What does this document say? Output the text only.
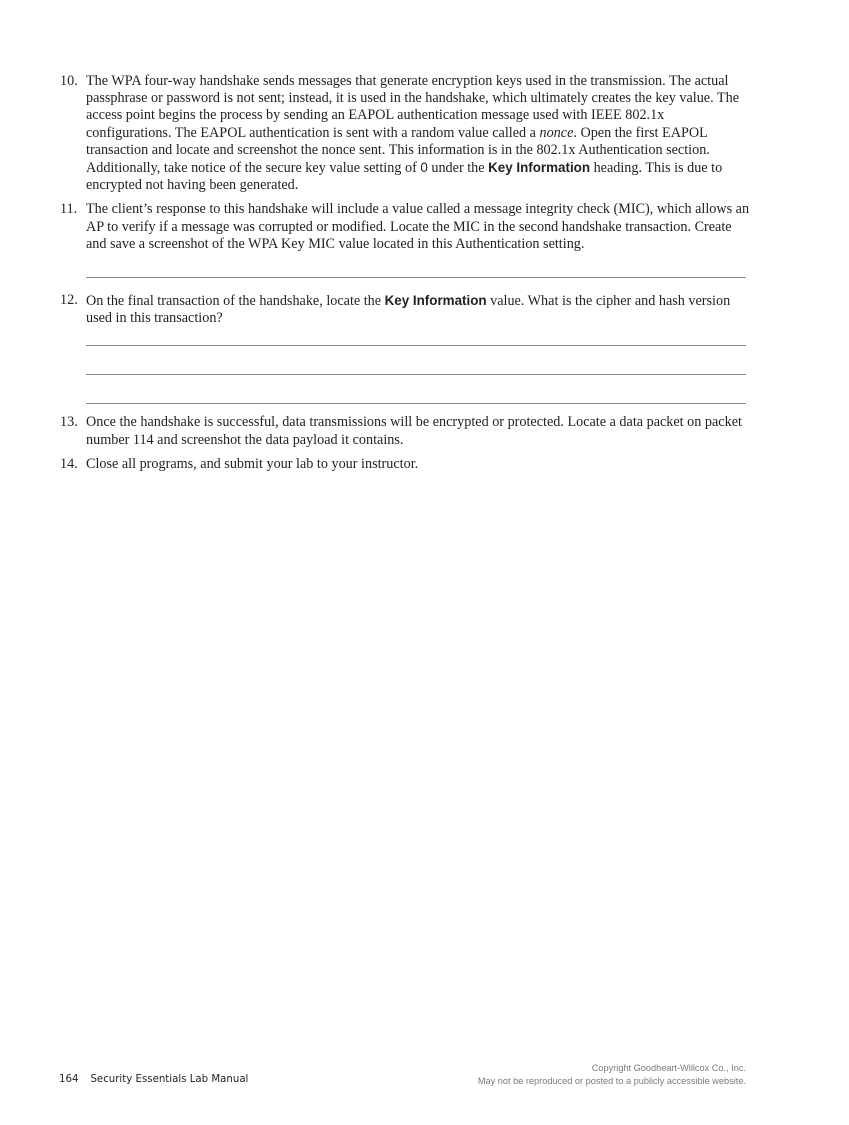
10. The WPA four-way handshake sends messages that generate encryption keys used in the transmission. The actual passphrase or password is not sent; instead, it is used in the handshake, which ultimately creates the key value. The access point begins the process by sending an EAPOL authentication message used with IEEE 802.1x configurations. The EAPOL authentication is sent with a random value called a nonce. Open the first EAPOL transaction and locate and screenshot the nonce sent. This information is in the 802.1x Authentication section. Additionally, take notice of the secure key value setting of 0 under the Key Information heading. This is due to encrypted not having been generated.
11. The client’s response to this handshake will include a value called a message integrity check (MIC), which allows an AP to verify if a message was corrupted or modified. Locate the MIC in the second handshake transaction. Create and save a screenshot of the WPA Key MIC value located in this Authentication setting.
12. On the final transaction of the handshake, locate the Key Information value. What is the cipher and hash version used in this transaction?
13. Once the handshake is successful, data transmissions will be encrypted or protected. Locate a data packet on packet number 114 and screenshot the data payload it contains.
14. Close all programs, and submit your lab to your instructor.
164 Security Essentials Lab Manual
Copyright Goodheart-Willcox Co., Inc.
May not be reproduced or posted to a publicly accessible website.
